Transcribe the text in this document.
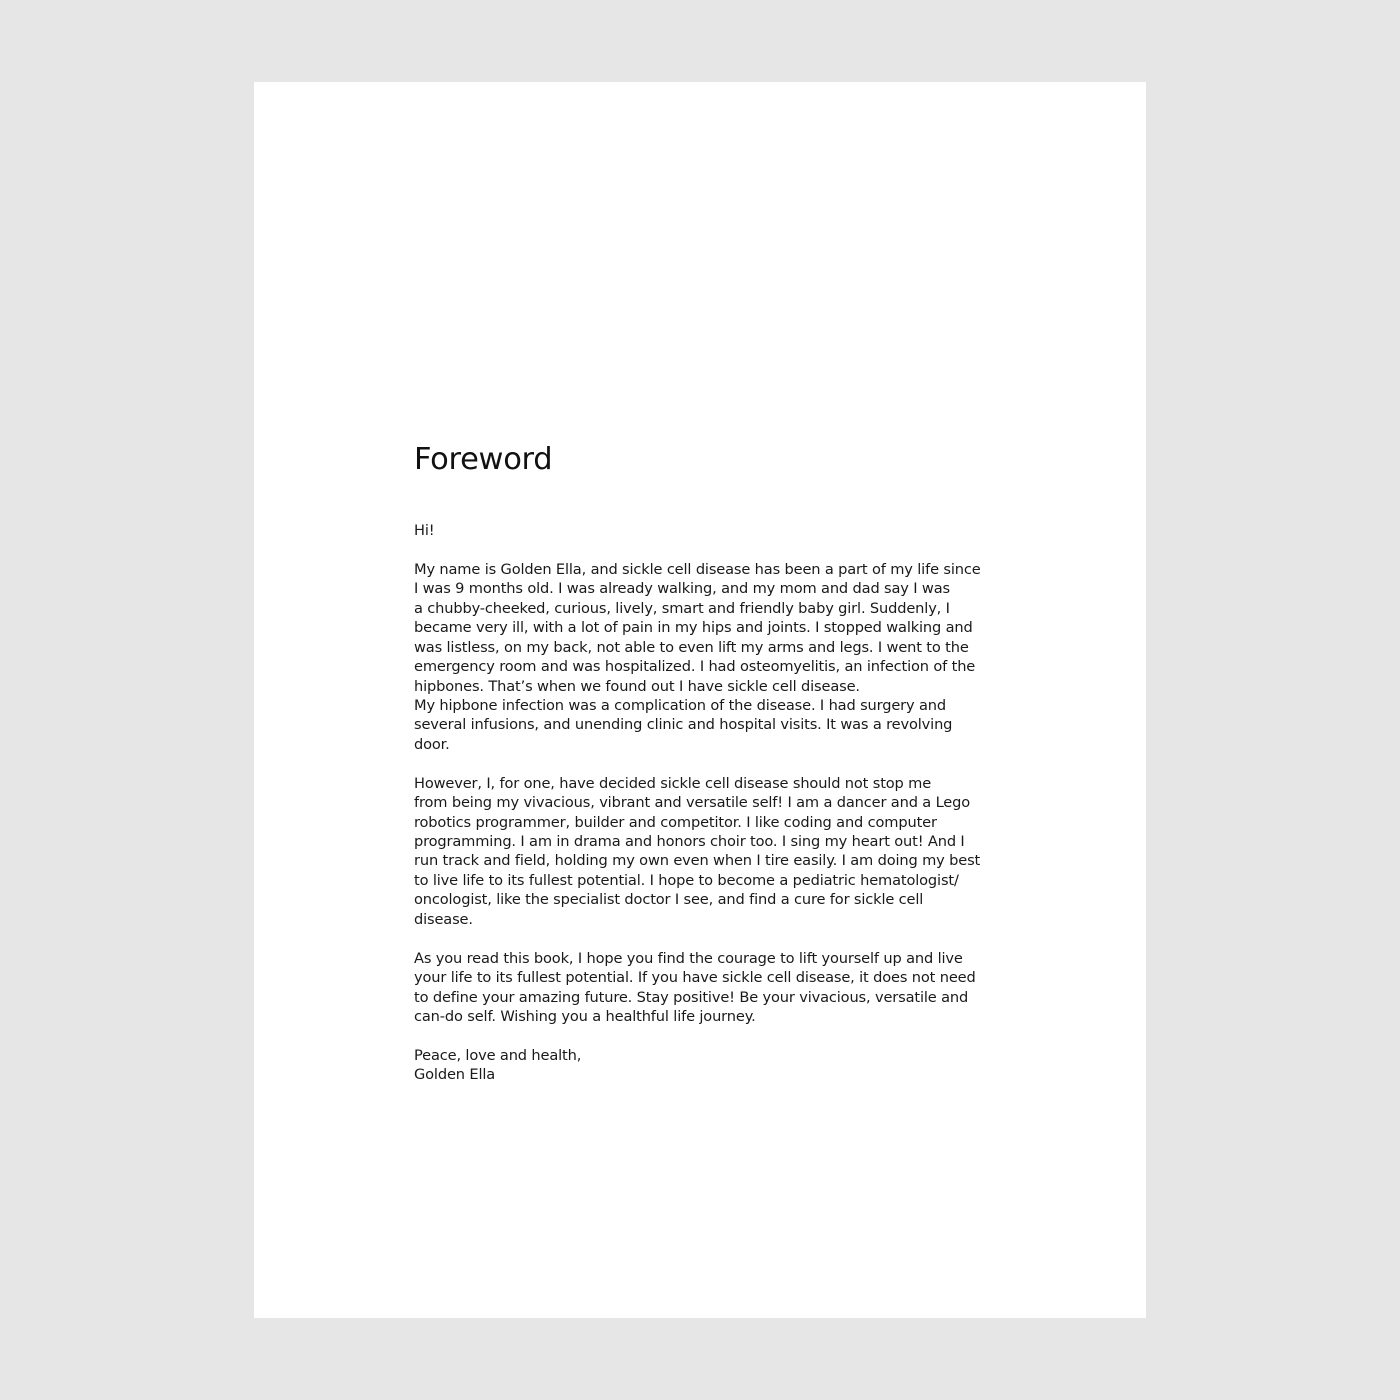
Foreword
Hi!
My name is Golden Ella, and sickle cell disease has been a part of my life since
I was 9 months old. I was already walking, and my mom and dad say I was
a chubby-cheeked, curious, lively, smart and friendly baby girl. Suddenly, I
became very ill, with a lot of pain in my hips and joints. I stopped walking and
was listless, on my back, not able to even lift my arms and legs. I went to the
emergency room and was hospitalized. I had osteomyelitis, an infection of the
hipbones. That’s when we found out I have sickle cell disease.
My hipbone infection was a complication of the disease. I had surgery and
several infusions, and unending clinic and hospital visits. It was a revolving
door.
However, I, for one, have decided sickle cell disease should not stop me
from being my vivacious, vibrant and versatile self! I am a dancer and a Lego
robotics programmer, builder and competitor. I like coding and computer
programming. I am in drama and honors choir too. I sing my heart out! And I
run track and field, holding my own even when I tire easily. I am doing my best
to live life to its fullest potential. I hope to become a pediatric hematologist/
oncologist, like the specialist doctor I see, and find a cure for sickle cell
disease.
As you read this book, I hope you find the courage to lift yourself up and live
your life to its fullest potential. If you have sickle cell disease, it does not need
to define your amazing future. Stay positive! Be your vivacious, versatile and
can-do self. Wishing you a healthful life journey.
Peace, love and health,
Golden Ella
